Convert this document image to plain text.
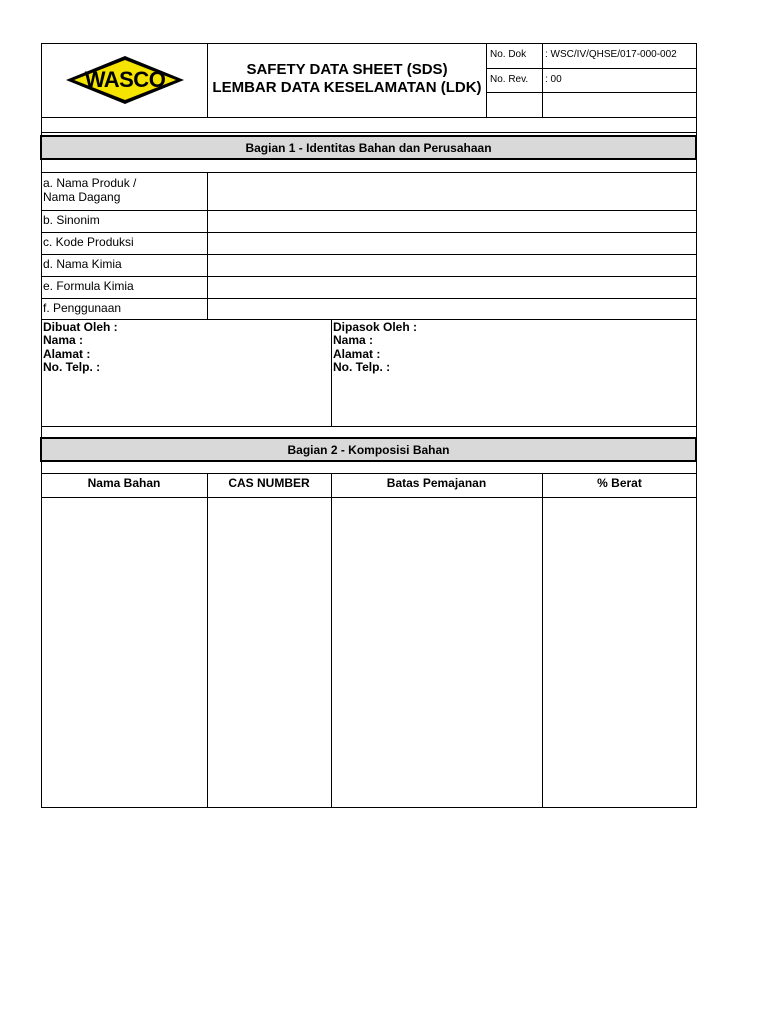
WASCO	SAFETY DATA SHEET (SDS)
LEMBAR DATA KESELAMATAN (LDK)
No. Dok : WSC/IV/QHSE/017-000-002
No. Rev. : 00
Bagian 1 - Identitas Bahan dan Perusahaan
a. Nama Produk /
Nama Dagang
b. Sinonim
c. Kode Produksi
d. Nama Kimia
e. Formula Kimia
f. Penggunaan
Dibuat Oleh :
Nama :
Alamat :
No. Telp. :
Dipasok Oleh :
Nama :
Alamat :
No. Telp. :
Bagian 2 - Komposisi Bahan
Nama Bahan	CAS NUMBER	Batas Pemajanan	% Berat
